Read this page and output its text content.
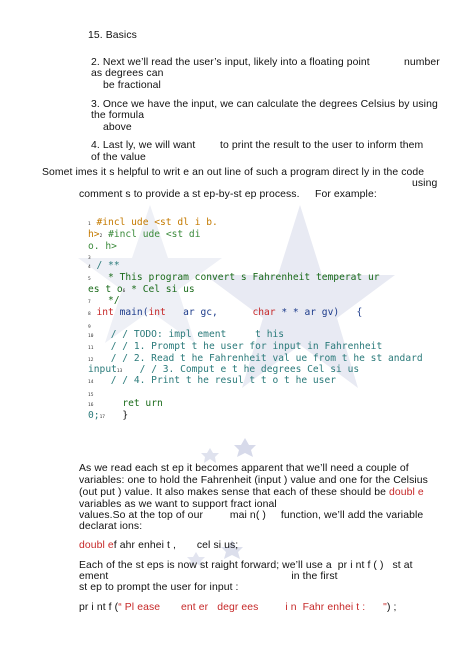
15. Basics
2. Next we’ll read the user’s input, likely into a floating point	number
as degrees can
be fractional
3. Once we have the input, we can calculate the degrees Celsius by using
the formula
above
4. Last ly, we will want to print the result to the user to inform them
of the value
Somet imes it s helpful to writ e an out line of such a program direct ly in the code
using
comment s to provide a st ep-by-st ep process. For example:
1 #incl ude <st dl i b.
h>2 #incl ude <st di
o. h>
3
4 / **
5 * This program convert s Fahrenheit temperat ur
es t o6 * Cel si us
7 */
8 int main(int ar gc,	char * * ar gv) {
9
10 / / TODO: impl ement	t his
11 / / 1. Prompt t he user for input in Fahrenheit
12 / / 2. Read t he Fahrenheit val ue from t he st andard
input13 / / 3. Comput e t he degrees Cel si us
14 / / 4. Print t he resul t t o t he user
15
16	ret urn
0;17 }
As we read each st ep it becomes apparent that we’ll need a couple of
variables: one to hold the Fahrenheit (input ) value and one for the Celsius
(out put ) value. It also makes sense that each of these should be doubl e
variables as we want to support fract ional
values.So at the top of our	mai n( ) function, we’ll add the variable
declarat ions:
doubl ef ahr enhei t , cel si us;
Each of the st eps is now st raight forward; we’ll use a pr i nt f ( ) st at
ement	in the first
st ep to prompt the user for input :
pr i nt f (“ Pl ease ent er degr ees	i n Fahr enhei t : ") ;
